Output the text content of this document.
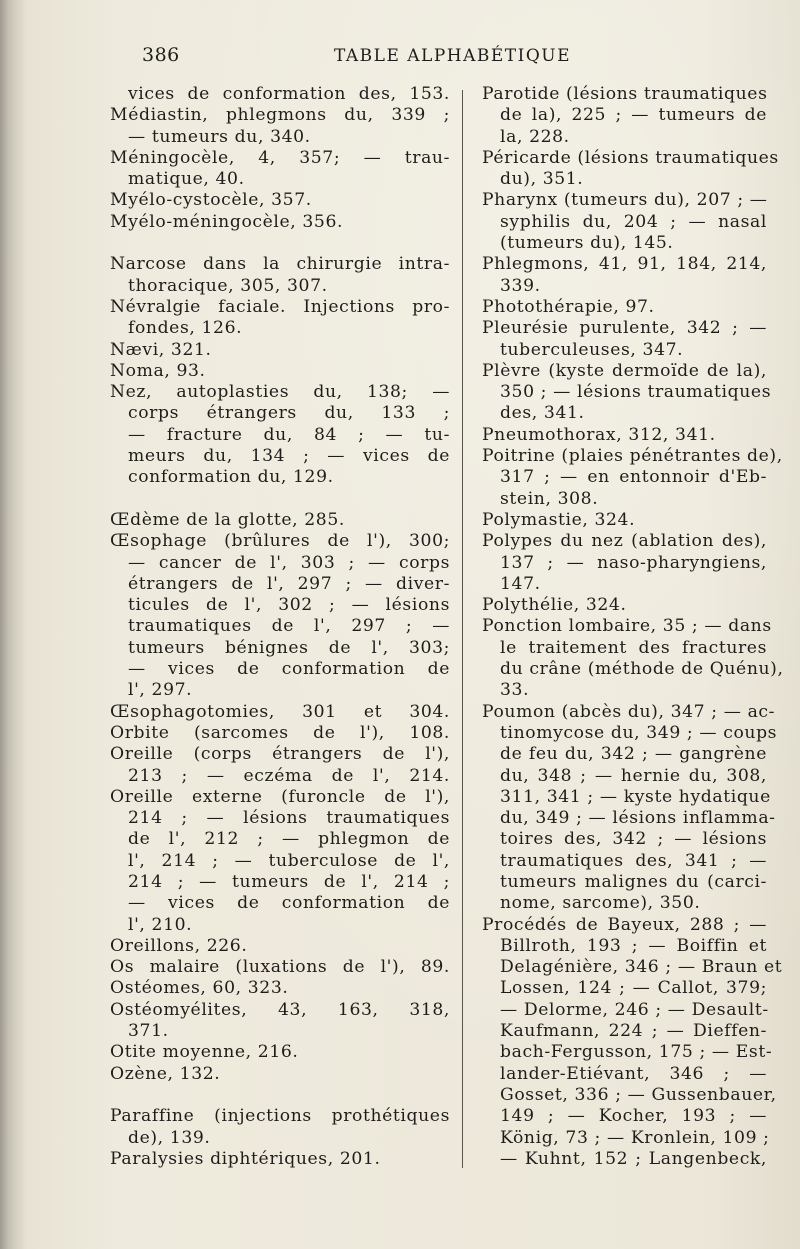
386	TABLE ALPHABÉTIQUE
vices de conformation des, 153.
Médiastin, phlegmons du, 339 ;
— tumeurs du, 340.
Méningocèle, 4, 357; — trau-
matique, 40.
Myélo-cystocèle, 357.
Myélo-méningocèle, 356.
Narcose dans la chirurgie intra-
thoracique, 305, 307.
Névralgie faciale. Injections pro-
fondes, 126.
Nævi, 321.
Noma, 93.
Nez, autoplasties du, 138; —
corps étrangers du, 133 ;
— fracture du, 84 ; — tu-
meurs du, 134 ; — vices de
conformation du, 129.
Œdème de la glotte, 285.
Œsophage (brûlures de l'), 300;
— cancer de l', 303 ; — corps
étrangers de l', 297 ; — diver-
ticules de l', 302 ; — lésions
traumatiques de l', 297 ; —
tumeurs bénignes de l', 303;
— vices de conformation de
l', 297.
Œsophagotomies, 301 et 304.
Orbite (sarcomes de l'), 108.
Oreille (corps étrangers de l'),
213 ; — eczéma de l', 214.
Oreille externe (furoncle de l'),
214 ; — lésions traumatiques
de l', 212 ; — phlegmon de
l', 214 ; — tuberculose de l',
214 ; — tumeurs de l', 214 ;
— vices de conformation de
l', 210.
Oreillons, 226.
Os malaire (luxations de l'), 89.
Ostéomes, 60, 323.
Ostéomyélites, 43, 163, 318,
371.
Otite moyenne, 216.
Ozène, 132.
Paraffine (injections prothétiques
de), 139.
Paralysies diphtériques, 201.
Parotide (lésions traumatiques
de la), 225 ; — tumeurs de
la, 228.
Péricarde (lésions traumatiques
du), 351.
Pharynx (tumeurs du), 207 ; —
syphilis du, 204 ; — nasal
(tumeurs du), 145.
Phlegmons, 41, 91, 184, 214,
339.
Photothérapie, 97.
Pleurésie purulente, 342 ; —
tuberculeuses, 347.
Plèvre (kyste dermoïde de la),
350 ; — lésions traumatiques
des, 341.
Pneumothorax, 312, 341.
Poitrine (plaies pénétrantes de),
317 ; — en entonnoir d'Eb-
stein, 308.
Polymastie, 324.
Polypes du nez (ablation des),
137 ; — naso-pharyngiens,
147.
Polythélie, 324.
Ponction lombaire, 35 ; — dans
le traitement des fractures
du crâne (méthode de Quénu),
33.
Poumon (abcès du), 347 ; — ac-
tinomycose du, 349 ; — coups
de feu du, 342 ; — gangrène
du, 348 ; — hernie du, 308,
311, 341 ; — kyste hydatique
du, 349 ; — lésions inflamma-
toires des, 342 ; — lésions
traumatiques des, 341 ; —
tumeurs malignes du (carci-
nome, sarcome), 350.
Procédés de Bayeux, 288 ; —
Billroth, 193 ; — Boiffin et
Delagénière, 346 ; — Braun et
Lossen, 124 ; — Callot, 379;
— Delorme, 246 ; — Desault-
Kaufmann, 224 ; — Dieffen-
bach-Fergusson, 175 ; — Est-
lander-Etiévant, 346 ; —
Gosset, 336 ; — Gussenbauer,
149 ; — Kocher, 193 ; —
König, 73 ; — Kronlein, 109 ;
— Kuhnt, 152 ; Langenbeck,
